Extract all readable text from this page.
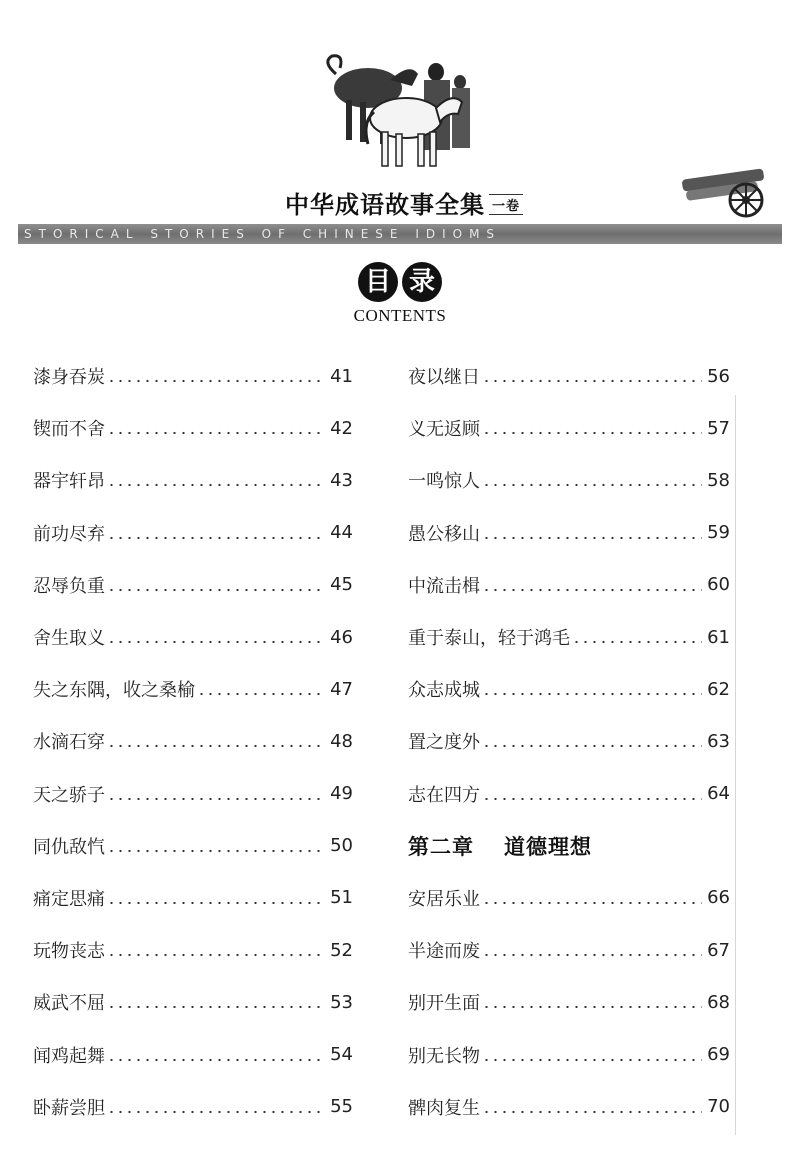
中华成语故事全集 一卷
STORICAL STORIES OF CHINESE IDIOMS
目 录
CONTENTS
漆身吞炭	41
锲而不舍	42
器宇轩昂	43
前功尽弃	44
忍辱负重	45
舍生取义	46
失之东隅，收之桑榆	47
水滴石穿	48
天之骄子	49
同仇敌忾	50
痛定思痛	51
玩物丧志	52
威武不屈	53
闻鸡起舞	54
卧薪尝胆	55
夜以继日	56
义无返顾	57
一鸣惊人	58
愚公移山	59
中流击楫	60
重于泰山，轻于鸿毛	61
众志成城	62
置之度外	63
志在四方	64
第二章 道德理想
安居乐业	66
半途而废	67
别开生面	68
别无长物	69
髀肉复生	70
